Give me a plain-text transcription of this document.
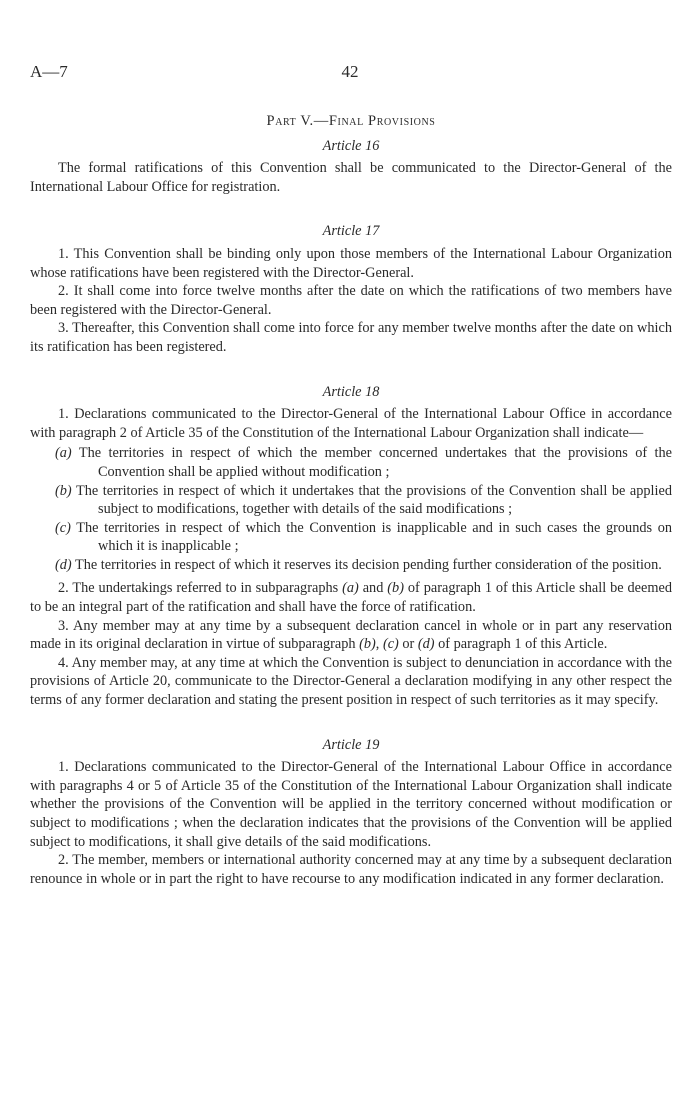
A—7	42
Part V.—Final Provisions
Article 16

The formal ratifications of this Convention shall be communicated to the Director-General of the International Labour Office for registration.

Article 17

1. This Convention shall be binding only upon those members of the International Labour Organization whose ratifications have been registered with the Director-General.

2. It shall come into force twelve months after the date on which the ratifications of two members have been registered with the Director-General.

3. Thereafter, this Convention shall come into force for any member twelve months after the date on which its ratification has been registered.

Article 18

1. Declarations communicated to the Director-General of the International Labour Office in accordance with paragraph 2 of Article 35 of the Constitution of the International Labour Organization shall indicate—

(a) The territories in respect of which the member concerned undertakes that the provisions of the Convention shall be applied without modification ;
(b) The territories in respect of which it undertakes that the provisions of the Convention shall be applied subject to modifications, together with details of the said modifications ;
(c) The territories in respect of which the Convention is inapplicable and in such cases the grounds on which it is inapplicable ;
(d) The territories in respect of which it reserves its decision pending further consideration of the position.

2. The undertakings referred to in subparagraphs (a) and (b) of paragraph 1 of this Article shall be deemed to be an integral part of the ratification and shall have the force of ratification.

3. Any member may at any time by a subsequent declaration cancel in whole or in part any reservation made in its original declaration in virtue of subparagraph (b), (c) or (d) of paragraph 1 of this Article.

4. Any member may, at any time at which the Convention is subject to denunciation in accordance with the provisions of Article 20, communicate to the Director-General a declaration modifying in any other respect the terms of any former declaration and stating the present position in respect of such territories as it may specify.

Article 19

1. Declarations communicated to the Director-General of the International Labour Office in accordance with paragraphs 4 or 5 of Article 35 of the Constitution of the International Labour Organization shall indicate whether the provisions of the Convention will be applied in the territory concerned without modification or subject to modifications ; when the declaration indicates that the provisions of the Convention will be applied subject to modifications, it shall give details of the said modifications.

2. The member, members or international authority concerned may at any time by a subsequent declaration renounce in whole or in part the right to have recourse to any modification indicated in any former declaration.
